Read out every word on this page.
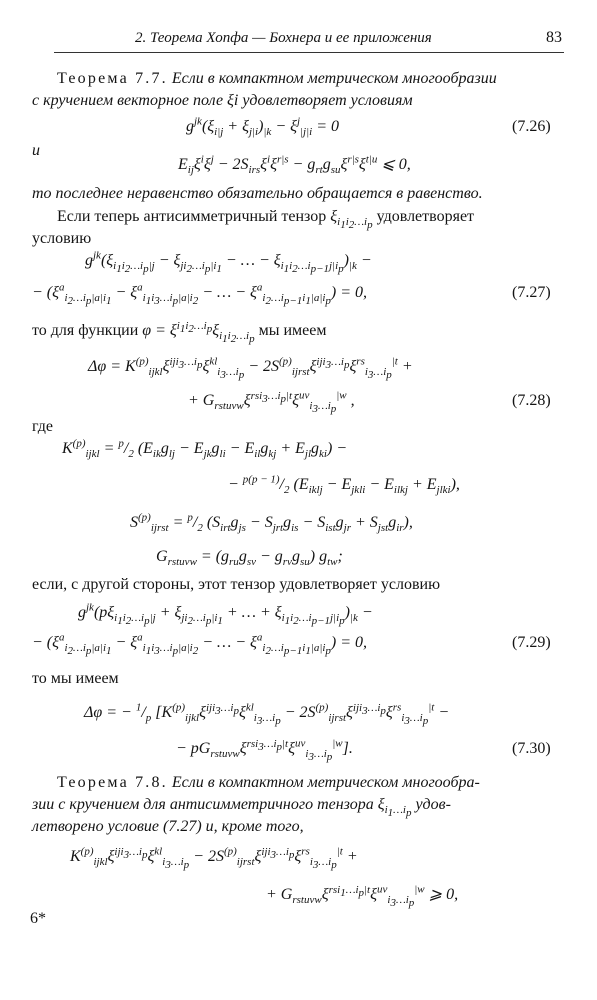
2. Теорема Хопфа — Бохнера и ее приложения	83
Теорема 7.7. Если в компактном метрическом многообразии
с кручением векторное поле ξi удовлетворяет условиям
$g^{jk}(\xi_{i|j} + \xi_{j|i})_{|k} - \xi^j_{|j|i} = 0$	(7.26)
и
$E_{ij}\xi^i\xi^j - 2S_{irs}\xi^i\xi^{r|s} - g_{rt}g_{su}\xi^{r|s}\xi^{t|u}$ ⩽ 0,
то последнее неравенство обязательно обращается в равенство.
Если теперь антисимметричный тензор $\xi_{i_1i_2\dots i_p}$ удовлетворяет
условию
$g^{jk}(\xi_{i_1i_2\dots i_p|j} - \xi_{ji_2\dots i_p|i_1}$ − … − $\xi_{i_1i_2\dots i_{p-1}j|i_p})_{|k}$ −
− ($\xi^a_{i_2\dots i_p|a|i_1} - \xi^a_{i_1i_3\dots i_p|a|i_2}$ − … − $\xi^a_{i_2\dots i_{p-1}i_1|a|i_p}) = 0$,	(7.27)
то для функции $\varphi = \xi^{i_1i_2\dots i_p}\xi_{i_1i_2\dots i_p}$ мы имеем
$\Delta\varphi = K^{(p)}_{ijkl}\xi^{iji_3\dots i_p}\xi^{kl}_{i_3\dots i_p} - 2S^{(p)}_{ijrst}\xi^{iji_3\dots i_p}\xi^{rs}_{i_3\dots i_p}^{|t}$ +
+ $G_{rstuvw}\xi^{rsi_3\dots i_p|t}\xi^{uv}_{i_3\dots i_p}^{|w}$ ,	(7.28)
где
$K^{(p)}_{ijkl} = ^p/_2$ $(E_{ik}g_{lj} - E_{jk}g_{li} - E_{il}g_{kj} + E_{jl}g_{ki})$ −
− $^{p(p - 1)}/_2$ $(E_{iklj} - E_{jkli} - E_{ilkj} + E_{jlki})$,
$S^{(p)}_{ijrst} = ^p/_2$ $(S_{irt}g_{js} - S_{jrt}g_{is} - S_{ist}g_{jr} + S_{jst}g_{ir})$,
$G_{rstuvw} = (g_{ru}g_{sv} - g_{rv}g_{su})$ $g_{tw}$;
если, с другой стороны, этот тензор удовлетворяет условию
$g^{jk}(p\xi_{i_1i_2\dots i_p|j} + \xi_{ji_2\dots i_p|i_1}$ + … + $\xi_{i_1i_2\dots i_{p-1}j|i_p})_{|k}$ −
− ($\xi^a_{i_2\dots i_p|a|i_1} - \xi^a_{i_1i_3\dots i_p|a|i_2}$ − … − $\xi^a_{i_2\dots i_{p-1}i_1|a|i_p}) = 0$,	(7.29)
то мы имеем
Δφ = − $^1/_p$ [$K^{(p)}_{ijkl}\xi^{iji_3\dots i_p}\xi^{kl}_{i_3\dots i_p} - 2S^{(p)}_{ijrst}\xi^{iji_3\dots i_p}\xi^{rs}_{i_3\dots i_p}^{|t}$ −
− $pG_{rstuvw}\xi^{rsi_3\dots i_p|t}\xi^{uv}_{i_3\dots i_p}^{|w}$].	(7.30)
Теорема 7.8. Если в компактном метрическом многообра-
зии с кручением для антисимметричного тензора $\xi_{i_1\dots i_p}$ удов-
летворено условие (7.27) и, кроме того,
$K^{(p)}_{ijkl}\xi^{iji_3\dots i_p}\xi^{kl}_{i_3\dots i_p} - 2S^{(p)}_{ijrst}\xi^{iji_3\dots i_p}\xi^{rs}_{i_3\dots i_p}^{|t}$ +
+ $G_{rstuvw}\xi^{rsi_1\dots i_p|t}\xi^{uv}_{i_3\dots i_p}^{|w}$ ⩾ 0,
6*
